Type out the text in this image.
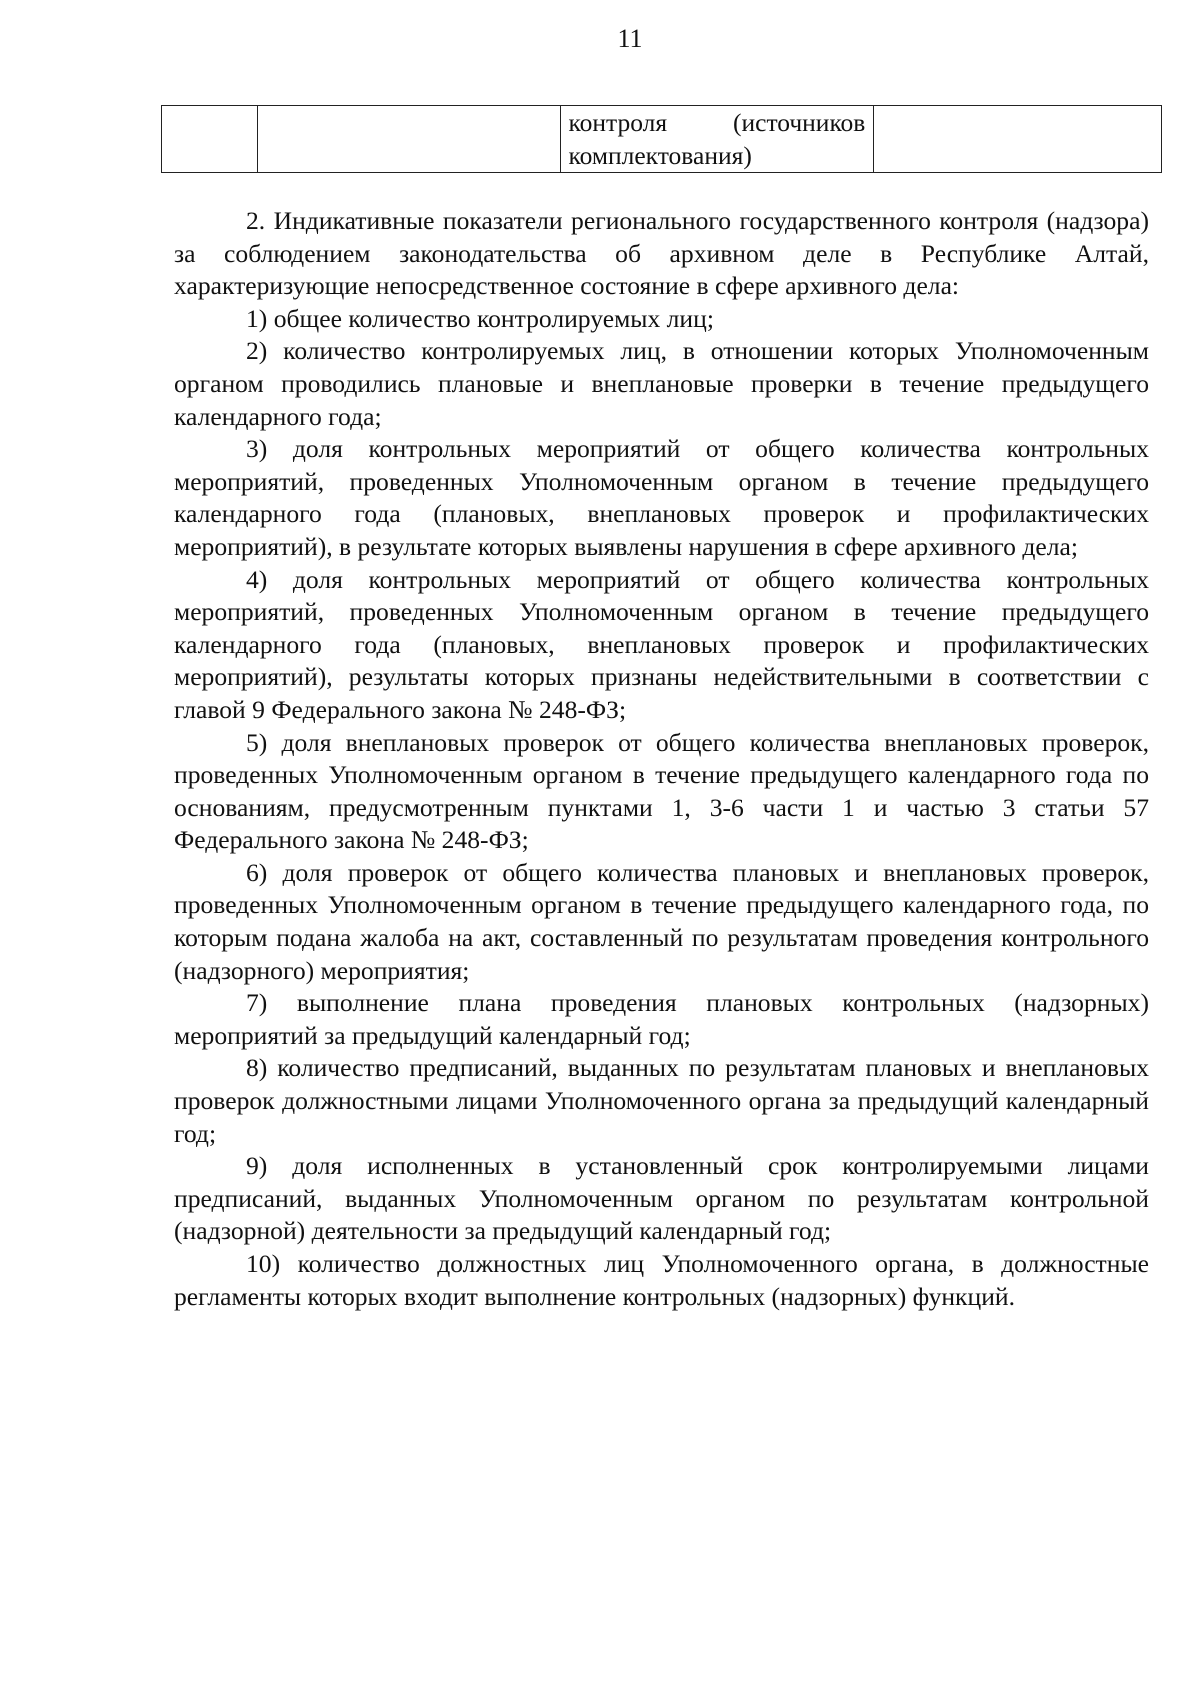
11

контроля (источников
комплектования)

2. Индикативные показатели регионального государственного контроля (надзора) за соблюдением законодательства об архивном деле в Республике Алтай, характеризующие непосредственное состояние в сфере архивного дела:

1) общее количество контролируемых лиц;

2) количество контролируемых лиц, в отношении которых Уполномоченным органом проводились плановые и внеплановые проверки в течение предыдущего календарного года;

3) доля контрольных мероприятий от общего количества контрольных мероприятий, проведенных Уполномоченным органом в течение предыдущего календарного года (плановых, внеплановых проверок и профилактических мероприятий), в результате которых выявлены нарушения в сфере архивного дела;

4) доля контрольных мероприятий от общего количества контрольных мероприятий, проведенных Уполномоченным органом в течение предыдущего календарного года (плановых, внеплановых проверок и профилактических мероприятий), результаты которых признаны недействительными в соответствии с главой 9 Федерального закона № 248-ФЗ;

5) доля внеплановых проверок от общего количества внеплановых проверок, проведенных Уполномоченным органом в течение предыдущего календарного года по основаниям, предусмотренным пунктами 1, 3-6 части 1 и частью 3 статьи 57 Федерального закона № 248-ФЗ;

6) доля проверок от общего количества плановых и внеплановых проверок, проведенных Уполномоченным органом в течение предыдущего календарного года, по которым подана жалоба на акт, составленный по результатам проведения контрольного (надзорного) мероприятия;

7) выполнение плана проведения плановых контрольных (надзорных) мероприятий за предыдущий календарный год;

8) количество предписаний, выданных по результатам плановых и внеплановых проверок должностными лицами Уполномоченного органа за предыдущий календарный год;

9) доля исполненных в установленный срок контролируемыми лицами предписаний, выданных Уполномоченным органом по результатам контрольной (надзорной) деятельности за предыдущий календарный год;

10) количество должностных лиц Уполномоченного органа, в должностные регламенты которых входит выполнение контрольных (надзорных) функций.
